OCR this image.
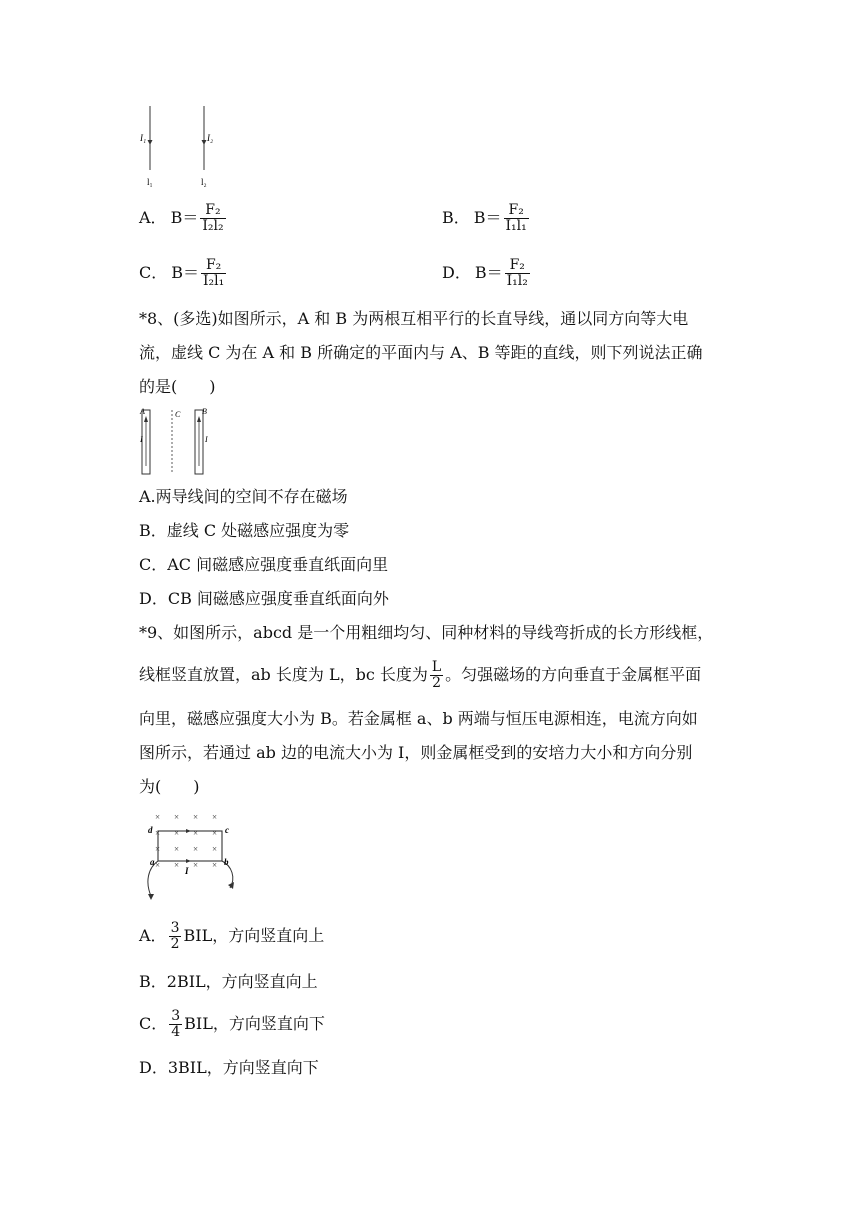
I₁	I₂
l₁	l₂
A． $B= \frac{\text{F₂}}{\text{I₂l₂}}$	B． $B= \frac{\text{F₂}}{\text{I₁l₁}}$
C． $B= \frac{\text{F₂}}{\text{I₂l₁}}$	D． $B= \frac{\text{F₂}}{\text{I₁l₂}}$
*8、(多选)如图所示，A 和 B 为两根互相平行的长直导线，通以同方向等大电
流，虚线 C 为在 A 和 B 所确定的平面内与 A、B 等距的直线，则下列说法正确
的是(　　)
A	C	B
I	I
A.两导线间的空间不存在磁场
B．虚线 C 处磁感应强度为零
C．AC 间磁感应强度垂直纸面向里
D．CB 间磁感应强度垂直纸面向外
*9、如图所示，abcd 是一个用粗细均匀、同种材料的导线弯折成的长方形线框，
线框竖直放置，ab 长度为 L，bc 长度为 $\frac{L}{2}$ 。匀强磁场的方向垂直于金属框平面
向里，磁感应强度大小为 B。若金属框 a、b 两端与恒压电源相连，电流方向如
图所示，若通过 ab 边的电流大小为 I，则金属框受到的安培力大小和方向分别
为(　　)
× × × ×
× × × ×
× × × ×
× × × ×
d	c
a	b
I
A． $\frac{3}{2}$ BIL，方向竖直向上
B．2BIL，方向竖直向上
C． $\frac{3}{4}$ BIL，方向竖直向下
D．3BIL，方向竖直向下
